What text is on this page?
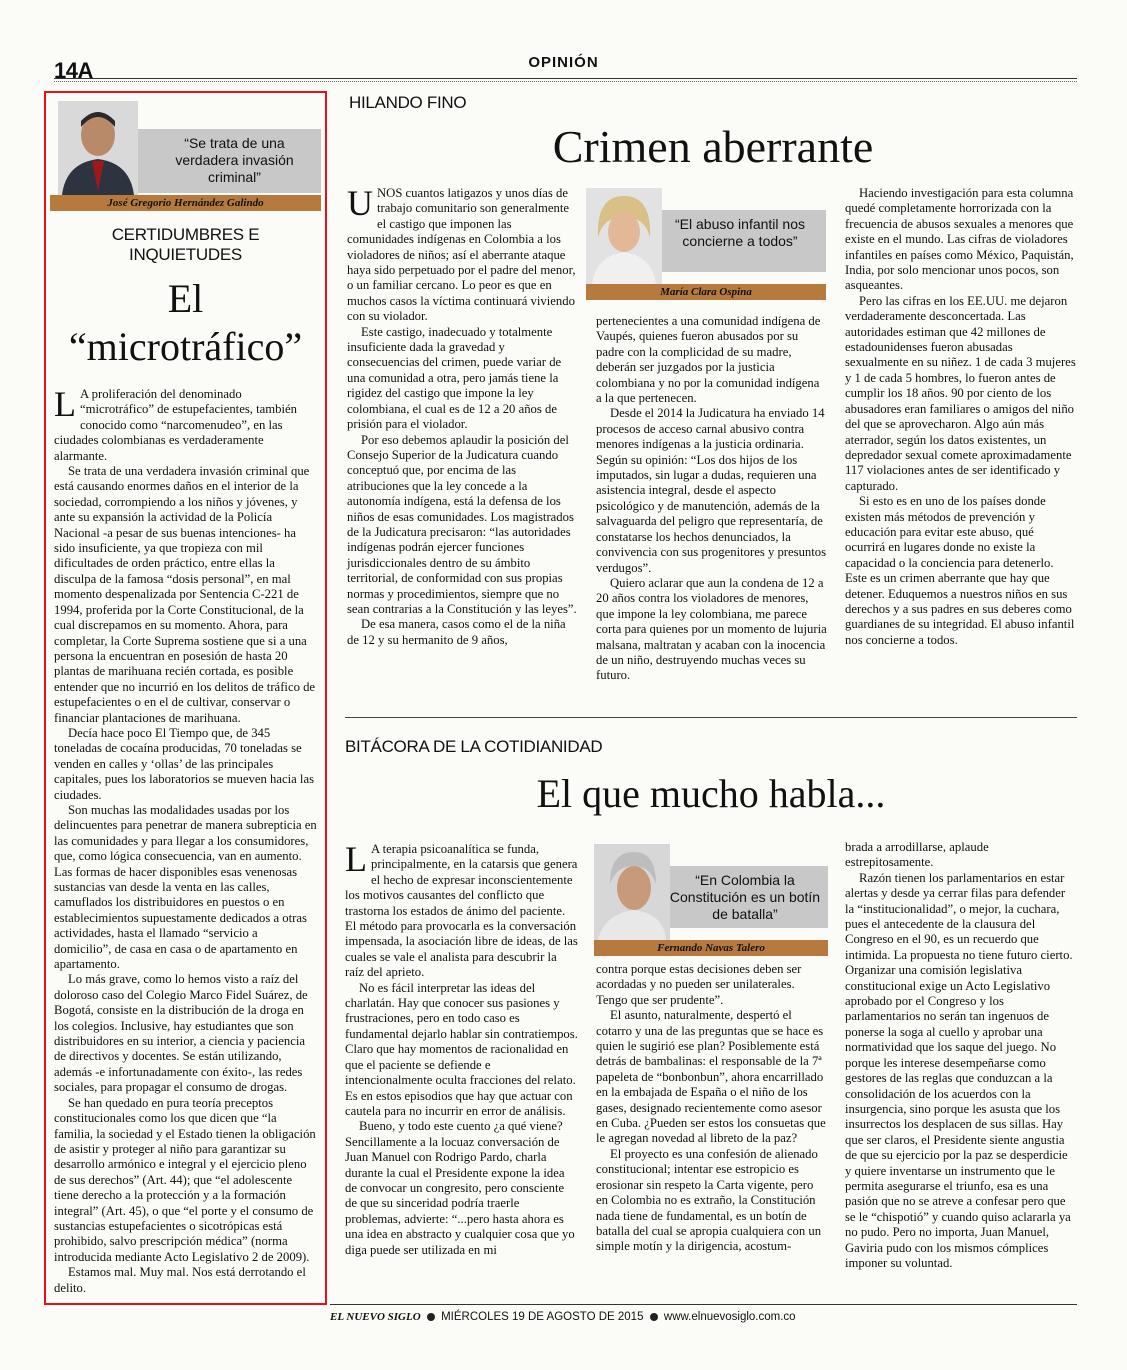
14A	OPINIÓN
“Se trata de una verdadera invasión criminal”
José Gregorio Hernández Galindo
CERTIDUMBRES E INQUIETUDES
El
“microtráfico”

L A proliferación del denominado “microtráfico” de estupefacientes, también conocido como “narcomenudeo”, en las ciudades colombianas es verdaderamente alarmante.

Se trata de una verdadera invasión criminal que está causando enormes daños en el interior de la sociedad, corrompiendo a los niños y jóvenes, y ante su expansión la actividad de la Policía Nacional -a pesar de sus buenas intenciones- ha sido insuficiente, ya que tropieza con mil dificultades de orden práctico, entre ellas la disculpa de la famosa “dosis personal”, en mal momento despenalizada por Sentencia C-221 de 1994, proferida por la Corte Constitucional, de la cual discrepamos en su momento. Ahora, para completar, la Corte Suprema sostiene que si a una persona la encuentran en posesión de hasta 20 plantas de marihuana recién cortada, es posible entender que no incurrió en los delitos de tráfico de estupefacientes o en el de cultivar, conservar o financiar plantaciones de marihuana.

Decía hace poco El Tiempo que, de 345 toneladas de cocaína producidas, 70 toneladas se venden en calles y ‘ollas’ de las principales capitales, pues los laboratorios se mueven hacia las ciudades.

Son muchas las modalidades usadas por los delincuentes para penetrar de manera subrepticia en las comunidades y para llegar a los consumidores, que, como lógica consecuencia, van en aumento. Las formas de hacer disponibles esas venenosas sustancias van desde la venta en las calles, camuflados los distribuidores en puestos o en establecimientos supuestamente dedicados a otras actividades, hasta el llamado “servicio a domicilio”, de casa en casa o de apartamento en apartamento.

Lo más grave, como lo hemos visto a raíz del doloroso caso del Colegio Marco Fidel Suárez, de Bogotá, consiste en la distribución de la droga en los colegios. Inclusive, hay estudiantes que son distribuidores en su interior, a ciencia y paciencia de directivos y docentes. Se están utilizando, además -e infortunadamente con éxito-, las redes sociales, para propagar el consumo de drogas.

Se han quedado en pura teoría preceptos constitucionales como los que dicen que “la familia, la sociedad y el Estado tienen la obligación de asistir y proteger al niño para garantizar su desarrollo armónico e integral y el ejercicio pleno de sus derechos” (Art. 44); que “el adolescente tiene derecho a la protección y a la formación integral” (Art. 45), o que “el porte y el consumo de sustancias estupefacientes o sicotrópicas está prohibido, salvo prescripción médica” (norma introducida mediante Acto Legislativo 2 de 2009).

Estamos mal. Muy mal. Nos está derrotando el delito.

HILANDO FINO
Crimen aberrante

UNOS cuantos latigazos y unos días de trabajo comunitario son generalmente el castigo que imponen las comunidades indígenas en Colombia a los violadores de niños; así el aberrante ataque haya sido perpetuado por el padre del menor, o un familiar cercano. Lo peor es que en muchos casos la víctima continuará viviendo con su violador.

Este castigo, inadecuado y totalmente insuficiente dada la gravedad y consecuencias del crimen, puede variar de una comunidad a otra, pero jamás tiene la rigidez del castigo que impone la ley colombiana, el cual es de 12 a 20 años de prisión para el violador.

Por eso debemos aplaudir la posición del Consejo Superior de la Judicatura cuando conceptuó que, por encima de las atribuciones que la ley concede a la autonomía indígena, está la defensa de los niños de esas comunidades. Los magistrados de la Judicatura precisaron: “las autoridades indígenas podrán ejercer funciones jurisdiccionales dentro de su ámbito territorial, de conformidad con sus propias normas y procedimientos, siempre que no sean contrarias a la Constitución y las leyes”.

De esa manera, casos como el de la niña de 12 y su hermanito de 9 años,

“El abuso infantil nos concierne a todos”
María Clara Ospina

pertenecientes a una comunidad indígena de Vaupés, quienes fueron abusados por su padre con la complicidad de su madre, deberán ser juzgados por la justicia colombiana y no por la comunidad indígena a la que pertenecen.

Desde el 2014 la Judicatura ha enviado 14 procesos de acceso carnal abusivo contra menores indígenas a la justicia ordinaria. Según su opinión: “Los dos hijos de los imputados, sin lugar a dudas, requieren una asistencia integral, desde el aspecto psicológico y de manutención, además de la salvaguarda del peligro que representaría, de constatarse los hechos denunciados, la convivencia con sus progenitores y presuntos verdugos”.

Quiero aclarar que aun la condena de 12 a 20 años contra los violadores de menores, que impone la ley colombiana, me parece corta para quienes por un momento de lujuria malsana, maltratan y acaban con la inocencia de un niño, destruyendo muchas veces su futuro.

Haciendo investigación para esta columna quedé completamente horrorizada con la frecuencia de abusos sexuales a menores que existe en el mundo. Las cifras de violadores infantiles en países como México, Paquistán, India, por solo mencionar unos pocos, son asqueantes.

Pero las cifras en los EE.UU. me dejaron verdaderamente desconcertada. Las autoridades estiman que 42 millones de estadounidenses fueron abusadas sexualmente en su niñez. 1 de cada 3 mujeres y 1 de cada 5 hombres, lo fueron antes de cumplir los 18 años. 90 por ciento de los abusadores eran familiares o amigos del niño del que se aprovecharon. Algo aún más aterrador, según los datos existentes, un depredador sexual comete aproximadamente 117 violaciones antes de ser identificado y capturado.

Si esto es en uno de los países donde existen más métodos de prevención y educación para evitar este abuso, qué ocurrirá en lugares donde no existe la capacidad o la conciencia para detenerlo. Este es un crimen aberrante que hay que detener. Eduquemos a nuestros niños en sus derechos y a sus padres en sus deberes como guardianes de su integridad. El abuso infantil nos concierne a todos.

BITÁCORA DE LA COTIDIANIDAD
El que mucho habla...

L A terapia psicoanalítica se funda, principalmente, en la catarsis que genera el hecho de expresar inconscientemente los motivos causantes del conflicto que trastorna los estados de ánimo del paciente. El método para provocarla es la conversación impensada, la asociación libre de ideas, de las cuales se vale el analista para descubrir la raíz del aprieto.

No es fácil interpretar las ideas del charlatán. Hay que conocer sus pasiones y frustraciones, pero en todo caso es fundamental dejarlo hablar sin contratiempos. Claro que hay momentos de racionalidad en que el paciente se defiende e intencionalmente oculta fracciones del relato. Es en estos episodios que hay que actuar con cautela para no incurrir en error de análisis.

Bueno, y todo este cuento ¿a qué viene? Sencillamente a la locuaz conversación de Juan Manuel con Rodrigo Pardo, charla durante la cual el Presidente expone la idea de convocar un congresito, pero consciente de que su sinceridad podría traerle problemas, advierte: “...pero hasta ahora es una idea en abstracto y cualquier cosa que yo diga puede ser utilizada en mi

“En Colombia la Constitución es un botín de batalla”
Fernando Navas Talero

contra porque estas decisiones deben ser acordadas y no pueden ser unilaterales. Tengo que ser prudente”.

El asunto, naturalmente, despertó el cotarro y una de las preguntas que se hace es quien le sugirió ese plan? Posiblemente está detrás de bambalinas: el responsable de la 7ª papeleta de “bonbonbun”, ahora encarrillado en la embajada de España o el niño de los gases, designado recientemente como asesor en Cuba. ¿Pueden ser estos los consuetas que le agregan novedad al libreto de la paz?

El proyecto es una confesión de alienado constitucional; intentar ese estropicio es erosionar sin respeto la Carta vigente, pero en Colombia no es extraño, la Constitución nada tiene de fundamental, es un botín de batalla del cual se apropia cualquiera con un simple motín y la dirigencia, acostum-

brada a arrodillarse, aplaude estrepitosamente.

Razón tienen los parlamentarios en estar alertas y desde ya cerrar filas para defender la “institucionalidad”, o mejor, la cuchara, pues el antecedente de la clausura del Congreso en el 90, es un recuerdo que intimida. La propuesta no tiene futuro cierto. Organizar una comisión legislativa constitucional exige un Acto Legislativo aprobado por el Congreso y los parlamentarios no serán tan ingenuos de ponerse la soga al cuello y aprobar una normatividad que los saque del juego. No porque les interese desempeñarse como gestores de las reglas que conduzcan a la consolidación de los acuerdos con la insurgencia, sino porque les asusta que los insurrectos los desplacen de sus sillas. Hay que ser claros, el Presidente siente angustia de que su ejercicio por la paz se desperdicie y quiere inventarse un instrumento que le permita asegurarse el triunfo, esa es una pasión que no se atreve a confesar pero que se le “chispotió” y cuando quiso aclararla ya no pudo. Pero no importa, Juan Manuel, Gaviria pudo con los mismos cómplices imponer su voluntad.

EL NUEVO SIGLO MIÉRCOLES 19 DE AGOSTO DE 2015 www.elnuevosiglo.com.co
